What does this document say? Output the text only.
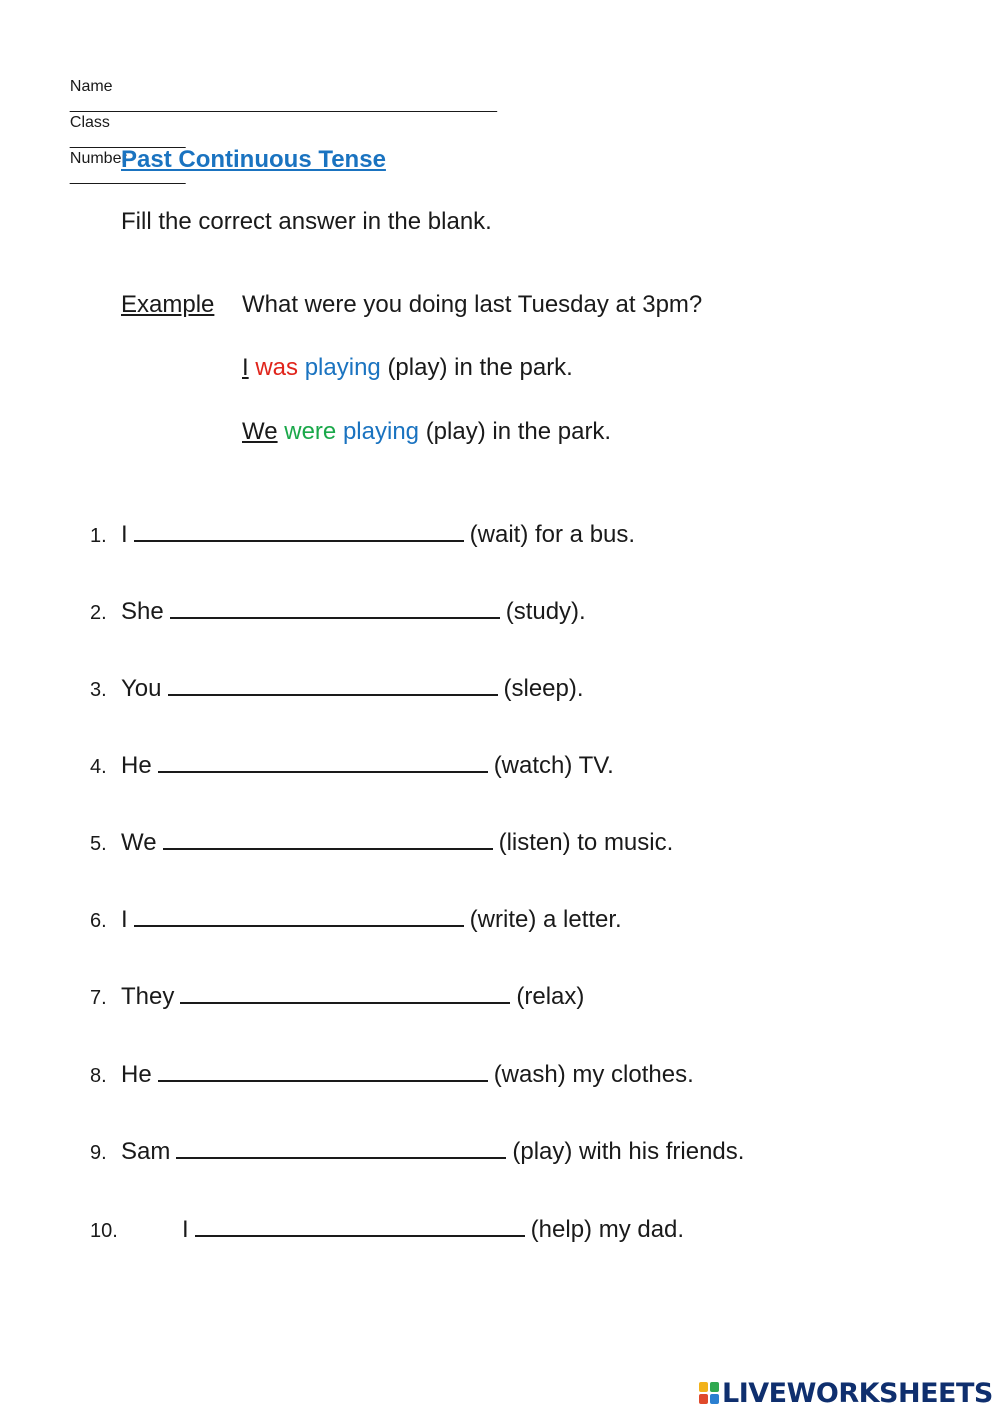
Name
________________________________________________
Class
_____________
Number
_____________

Past Continuous Tense
Fill the correct answer in the blank.
Example What were you doing last Tuesday at 3pm?
I was playing (play) in the park.
We were playing (play) in the park.
1. I	(wait) for a bus.
2. She	(study).
3. You	(sleep).
4. He	(watch) TV.
5. We	(listen) to music.
6. I	(write) a letter.
7. They	(relax)
8. He	(wash) my clothes.
9. Sam	(play) with his friends.
10.	I	(help) my dad.
LIVEWORKSHEETS
